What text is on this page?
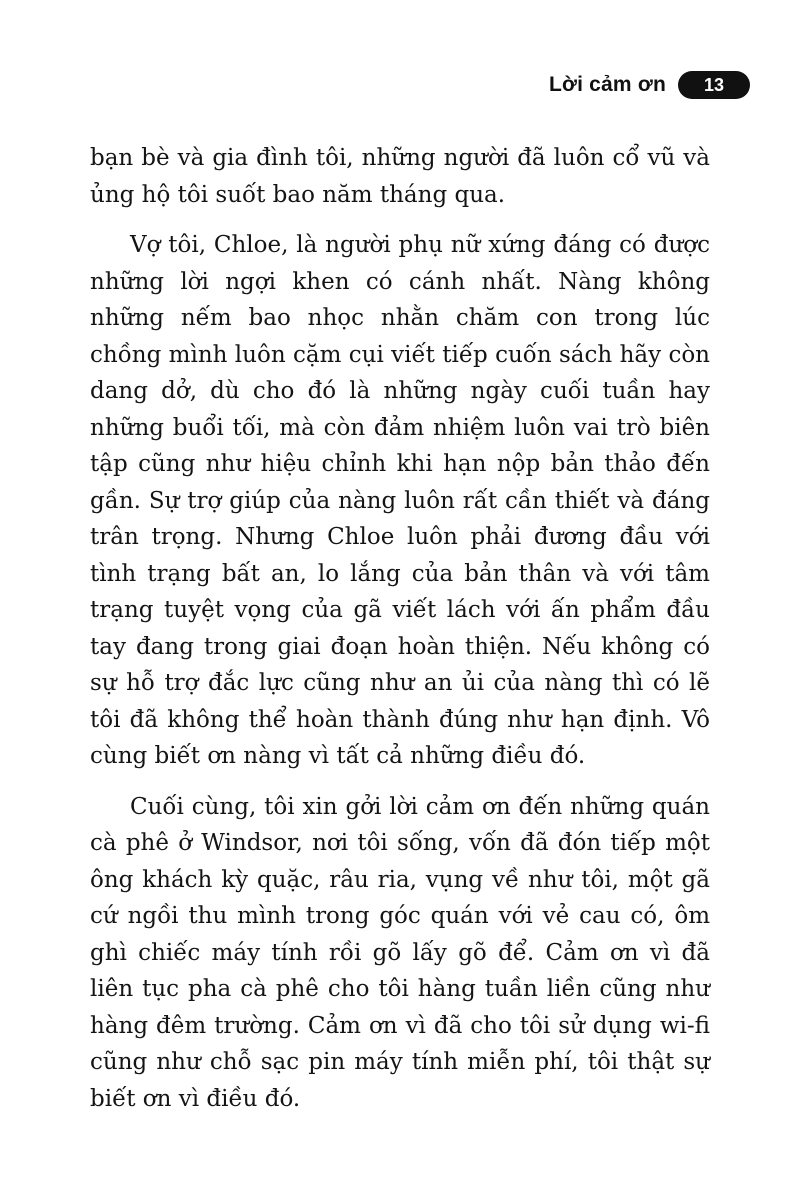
Lời cảm ơn	13

bạn bè và gia đình tôi, những người đã luôn cổ vũ và ủng hộ tôi suốt bao năm tháng qua.

Vợ tôi, Chloe, là người phụ nữ xứng đáng có được những lời ngợi khen có cánh nhất. Nàng không những nếm bao nhọc nhằn chăm con trong lúc chồng mình luôn cặm cụi viết tiếp cuốn sách hãy còn dang dở, dù cho đó là những ngày cuối tuần hay những buổi tối, mà còn đảm nhiệm luôn vai trò biên tập cũng như hiệu chỉnh khi hạn nộp bản thảo đến gần. Sự trợ giúp của nàng luôn rất cần thiết và đáng trân trọng. Nhưng Chloe luôn phải đương đầu với tình trạng bất an, lo lắng của bản thân và với tâm trạng tuyệt vọng của gã viết lách với ấn phẩm đầu tay đang trong giai đoạn hoàn thiện. Nếu không có sự hỗ trợ đắc lực cũng như an ủi của nàng thì có lẽ tôi đã không thể hoàn thành đúng như hạn định. Vô cùng biết ơn nàng vì tất cả những điều đó.

Cuối cùng, tôi xin gởi lời cảm ơn đến những quán cà phê ở Windsor, nơi tôi sống, vốn đã đón tiếp một ông khách kỳ quặc, râu ria, vụng về như tôi, một gã cứ ngồi thu mình trong góc quán với vẻ cau có, ôm ghì chiếc máy tính rồi gõ lấy gõ để. Cảm ơn vì đã liên tục pha cà phê cho tôi hàng tuần liền cũng như hàng đêm trường. Cảm ơn vì đã cho tôi sử dụng wi-fi cũng như chỗ sạc pin máy tính miễn phí, tôi thật sự biết ơn vì điều đó.
